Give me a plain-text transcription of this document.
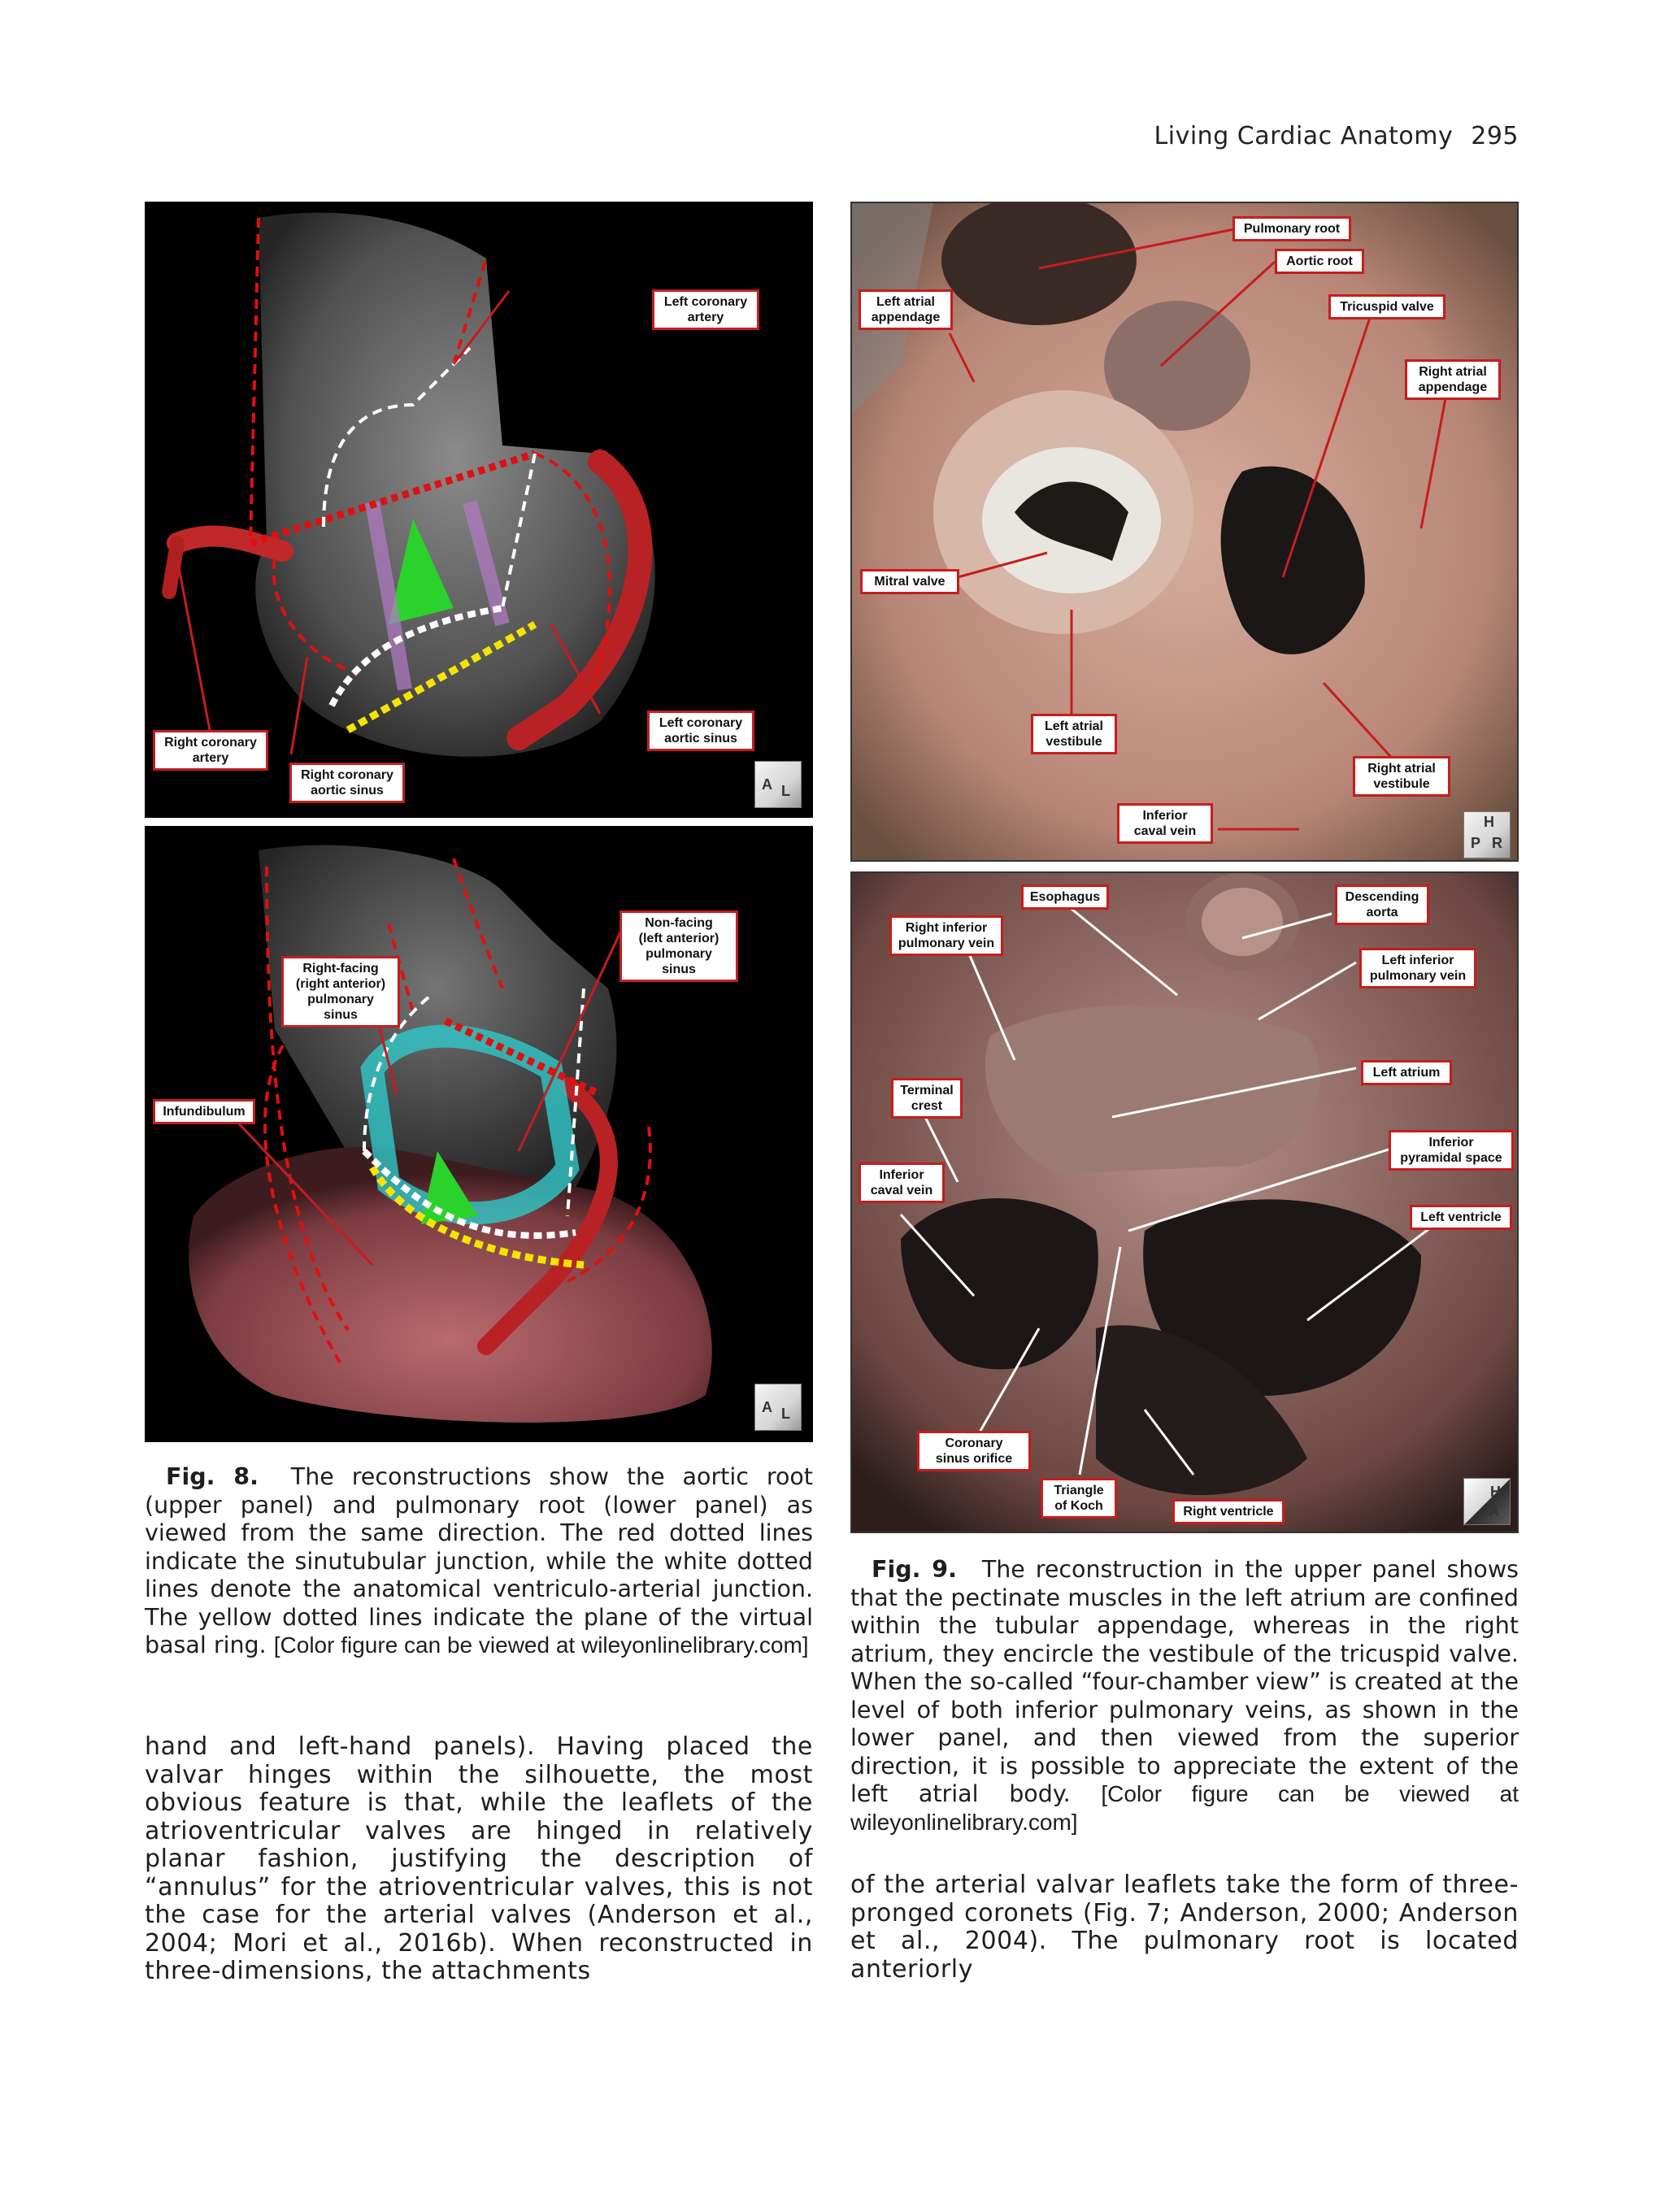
Living Cardiac Anatomy 295
Left coronary
artery
Right coronary
artery
Right coronary
aortic sinus
Left coronary
aortic sinus
A L
Non-facing
(left anterior)
pulmonary sinus
Right-facing
(right anterior)
pulmonary sinus
Infundibulum
A L
Pulmonary root
Aortic root
Left atrial
appendage
Tricuspid valve
Right atrial
appendage
Mitral valve
Left atrial
vestibule
Right atrial
vestibule
Inferior
caval vein
H
P R
Esophagus	Descending
aorta
Right inferior
pulmonary vein
Left inferior
pulmonary vein
Left atrium
Terminal
crest
Inferior
pyramidal space
Inferior
caval vein
Left ventricle
Coronary
sinus orifice
Triangle
of Koch	Right ventricle
H
A
Fig. 8. The reconstructions show the aortic root (upper panel) and pulmonary root (lower panel) as viewed from the same direction. The red dotted lines indicate the sinutubular junction, while the white dotted lines denote the anatomical ventriculo-arterial junction. The yellow dotted lines indicate the plane of the virtual basal ring. [Color figure can be viewed at wileyonlinelibrary.com]
Fig. 9. The reconstruction in the upper panel shows that the pectinate muscles in the left atrium are confined within the tubular appendage, whereas in the right atrium, they encircle the vestibule of the tricuspid valve. When the so-called “four-chamber view” is created at the level of both inferior pulmonary veins, as shown in the lower panel, and then viewed from the superior direction, it is possible to appreciate the extent of the left atrial body. [Color figure can be viewed at wileyonlinelibrary.com]
hand and left-hand panels). Having placed the valvar hinges within the silhouette, the most obvious feature is that, while the leaflets of the atrioventricular valves are hinged in relatively planar fashion, justifying the description of “annulus” for the atrioventricular valves, this is not the case for the arterial valves (Anderson et al., 2004; Mori et al., 2016b). When reconstructed in three-dimensions, the attachments
of the arterial valvar leaflets take the form of three-pronged coronets (Fig. 7; Anderson, 2000; Anderson et al., 2004). The pulmonary root is located anteriorly
